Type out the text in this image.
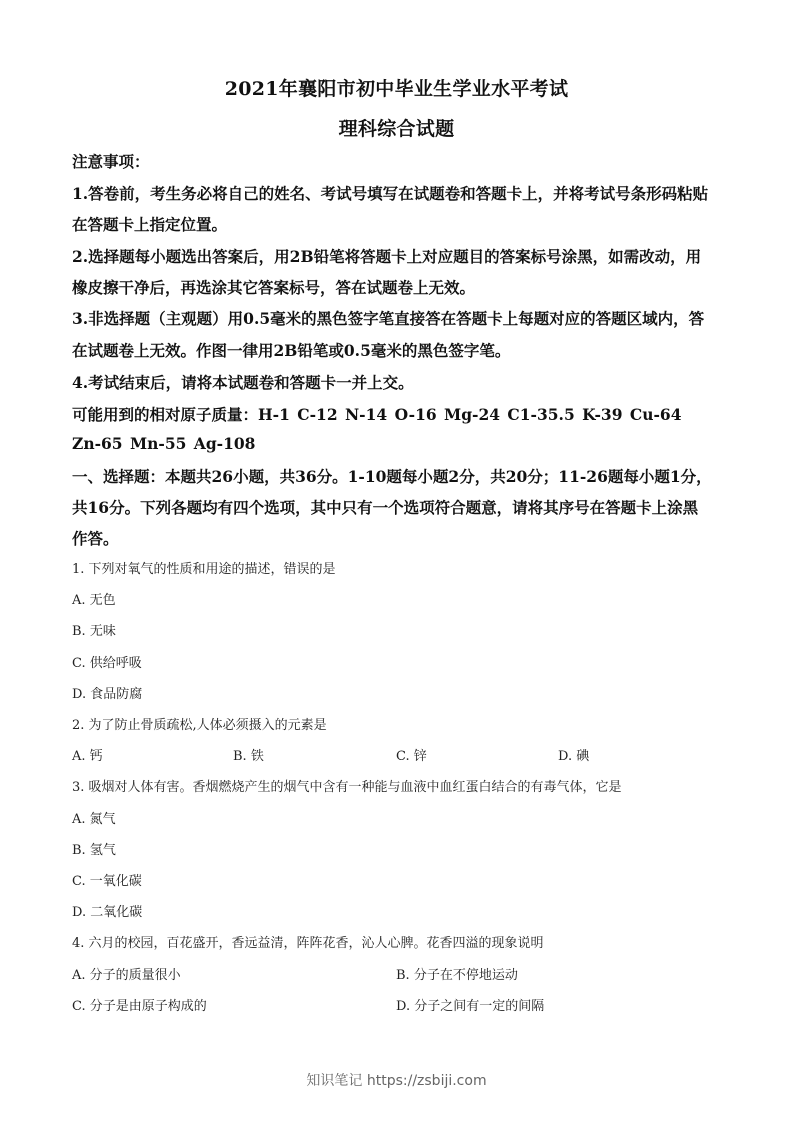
2021年襄阳市初中毕业生学业水平考试
理科综合试题
注意事项：
1.答卷前，考生务必将自己的姓名、考试号填写在试题卷和答题卡上，并将考试号条形码粘贴
在答题卡上指定位置。
2.选择题每小题选出答案后，用2B铅笔将答题卡上对应题目的答案标号涂黑，如需改动，用
橡皮擦干净后，再选涂其它答案标号，答在试题卷上无效。
3.非选择题（主观题）用0.5毫米的黑色签字笔直接答在答题卡上每题对应的答题区域内，答
在试题卷上无效。作图一律用2B铅笔或0.5毫米的黑色签字笔。
4.考试结束后，请将本试题卷和答题卡一并上交。
可能用到的相对原子质量：H-1 C-12 N-14 O-16 Mg-24 C1-35.5 K-39 Cu-64
Zn-65 Mn-55 Ag-108
一、选择题：本题共26小题，共36分。1-10题每小题2分，共20分；11-26题每小题1分，
共16分。下列各题均有四个选项，其中只有一个选项符合题意，请将其序号在答题卡上涂黑
作答。
1. 下列对氧气的性质和用途的描述，错误的是
A. 无色
B. 无味
C. 供给呼吸
D. 食品防腐
2. 为了防止骨质疏松,人体必须摄入的元素是
A. 钙	B. 铁	C. 锌	D. 碘
3. 吸烟对人体有害。香烟燃烧产生的烟气中含有一种能与血液中血红蛋白结合的有毒气体，它是
A. 氮气
B. 氢气
C. 一氧化碳
D. 二氧化碳
4. 六月的校园，百花盛开，香远益清，阵阵花香，沁人心脾。花香四溢的现象说明
A. 分子的质量很小	B. 分子在不停地运动
C. 分子是由原子构成的	D. 分子之间有一定的间隔
知识笔记 https://zsbiji.com
